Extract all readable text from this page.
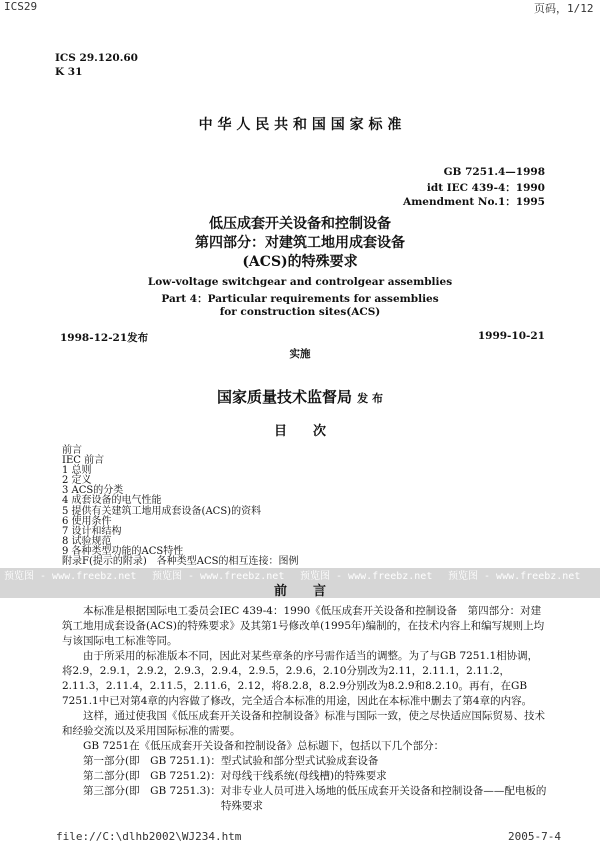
ICS29	页码，1/12
ICS 29.120.60
K 31
中 华 人 民 共 和 国 国 家 标 准
GB 7251.4—1998
idt IEC 439-4：1990
Amendment No.1：1995
低压成套开关设备和控制设备
第四部分：对建筑工地用成套设备
(ACS)的特殊要求
Low-voltage switchgear and controlgear assemblies
Part 4：Particular requirements for assemblies
for construction sites(ACS)
1998-12-21发布	1999-10-21
实施
国家质量技术监督局 发 布
目　　次
前言
IEC 前言
1 总则
2 定义
3 ACS的分类
4 成套设备的电气性能
5 提供有关建筑工地用成套设备(ACS)的资料
6 使用条件
7 设计和结构
8 试验规范
9 各种类型功能的ACS特性
附录F(提示的附录)　各种类型ACS的相互连接：图例
预览图 - www.freebz.net 预览图 - www.freebz.net 预览图 - www.freebz.net 预览图 - www.freebz.net
前　　言

本标准是根据国际电工委员会IEC 439-4：1990《低压成套开关设备和控制设备　第四部分：对建筑工地用成套设备(ACS)的特殊要求》及其第1号修改单(1995年)编制的，在技术内容上和编写规则上均与该国际电工标准等同。

由于所采用的标准版本不同，因此对某些章条的序号需作适当的调整。为了与GB 7251.1相协调，将2.9，2.9.1，2.9.2，2.9.3，2.9.4，2.9.5，2.9.6，2.10分别改为2.11，2.11.1，2.11.2，2.11.3，2.11.4，2.11.5，2.11.6，2.12，将8.2.8，8.2.9分别改为8.2.9和8.2.10。再有，在GB 7251.1中已对第4章的内容做了修改，完全适合本标准的用途，因此在本标准中删去了第4章的内容。

这样，通过使我国《低压成套开关设备和控制设备》标准与国际一致，使之尽快适应国际贸易、技术和经验交流以及采用国际标准的需要。

GB 7251在《低压成套开关设备和控制设备》总标题下，包括以下几个部分：

第一部分(即　GB 7251.1)： 型式试验和部分型式试验成套设备
第二部分(即　GB 7251.2)： 对母线干线系统(母线槽)的特殊要求
第三部分(即　GB 7251.3)： 对非专业人员可进入场地的低压成套开关设备和控制设备——配电板的特殊要求
file://C:\dlhb2002\WJ234.htm	2005-7-4
